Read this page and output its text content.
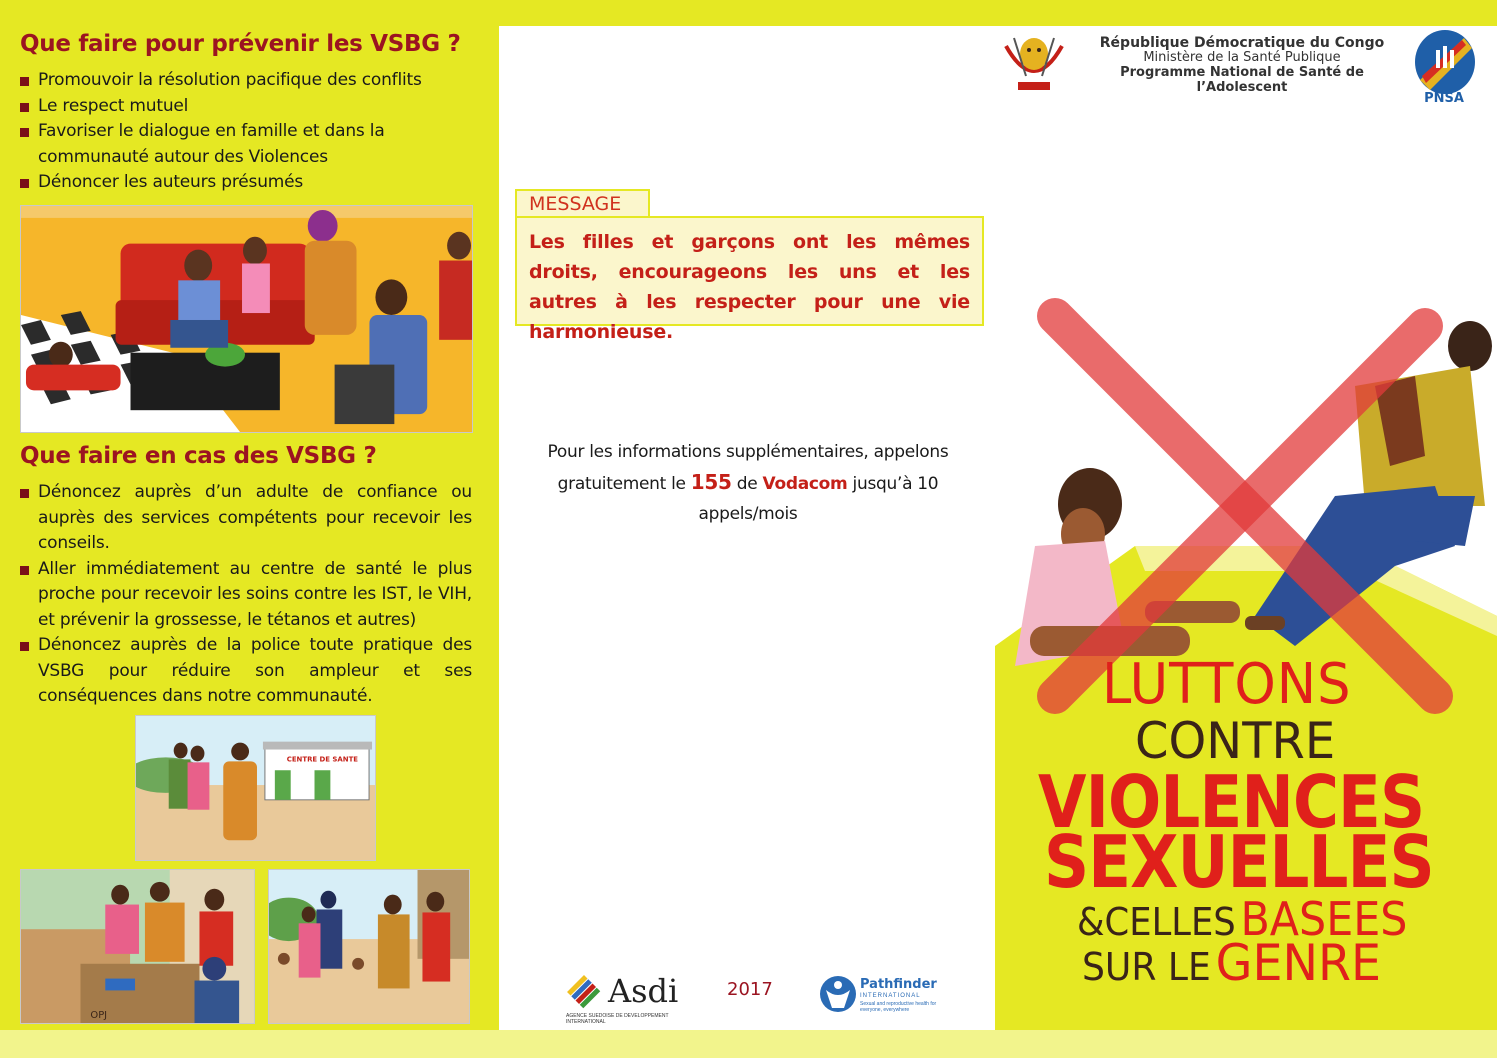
Que faire pour prévenir les VSBG ?
Promouvoir la résolution pacifique des conflits
Le respect mutuel
Favoriser le dialogue en famille et dans la communauté autour des Violences
Dénoncer les auteurs présumés
Que faire en cas des VSBG ?
Dénoncez auprès d’un adulte de confiance ou auprès des services compétents pour recevoir les conseils.
Aller immédiatement au centre de santé le plus proche pour recevoir les soins contre les IST, le VIH, et prévenir la grossesse, le tétanos et autres)
Dénoncez auprès de la police toute pratique des VSBG pour réduire son ampleur et ses conséquences dans notre communauté.
CENTRE DE SANTE
OPJ
MESSAGE

Les filles et garçons ont les mêmes droits, encourageons les uns et les autres à les respecter pour une vie harmonieuse.

Pour les informations supplémentaires, appelons gratuitement le 155 de Vodacom jusqu’à 10 appels/mois
Asdi
AGENCE SUEDOISE DE DEVELOPPEMENT INTERNATIONAL
2017	Pathfinder
INTERNATIONAL
Sexual and reproductive health for everyone, everywhere
République Démocratique du Congo
Ministère de la Santé Publique
Programme National de Santé de l’Adolescent
PNSA
LUTTONS
CONTRE
VIOLENCES
SEXUELLES
&CELLES BASEES
SUR LE GENRE
